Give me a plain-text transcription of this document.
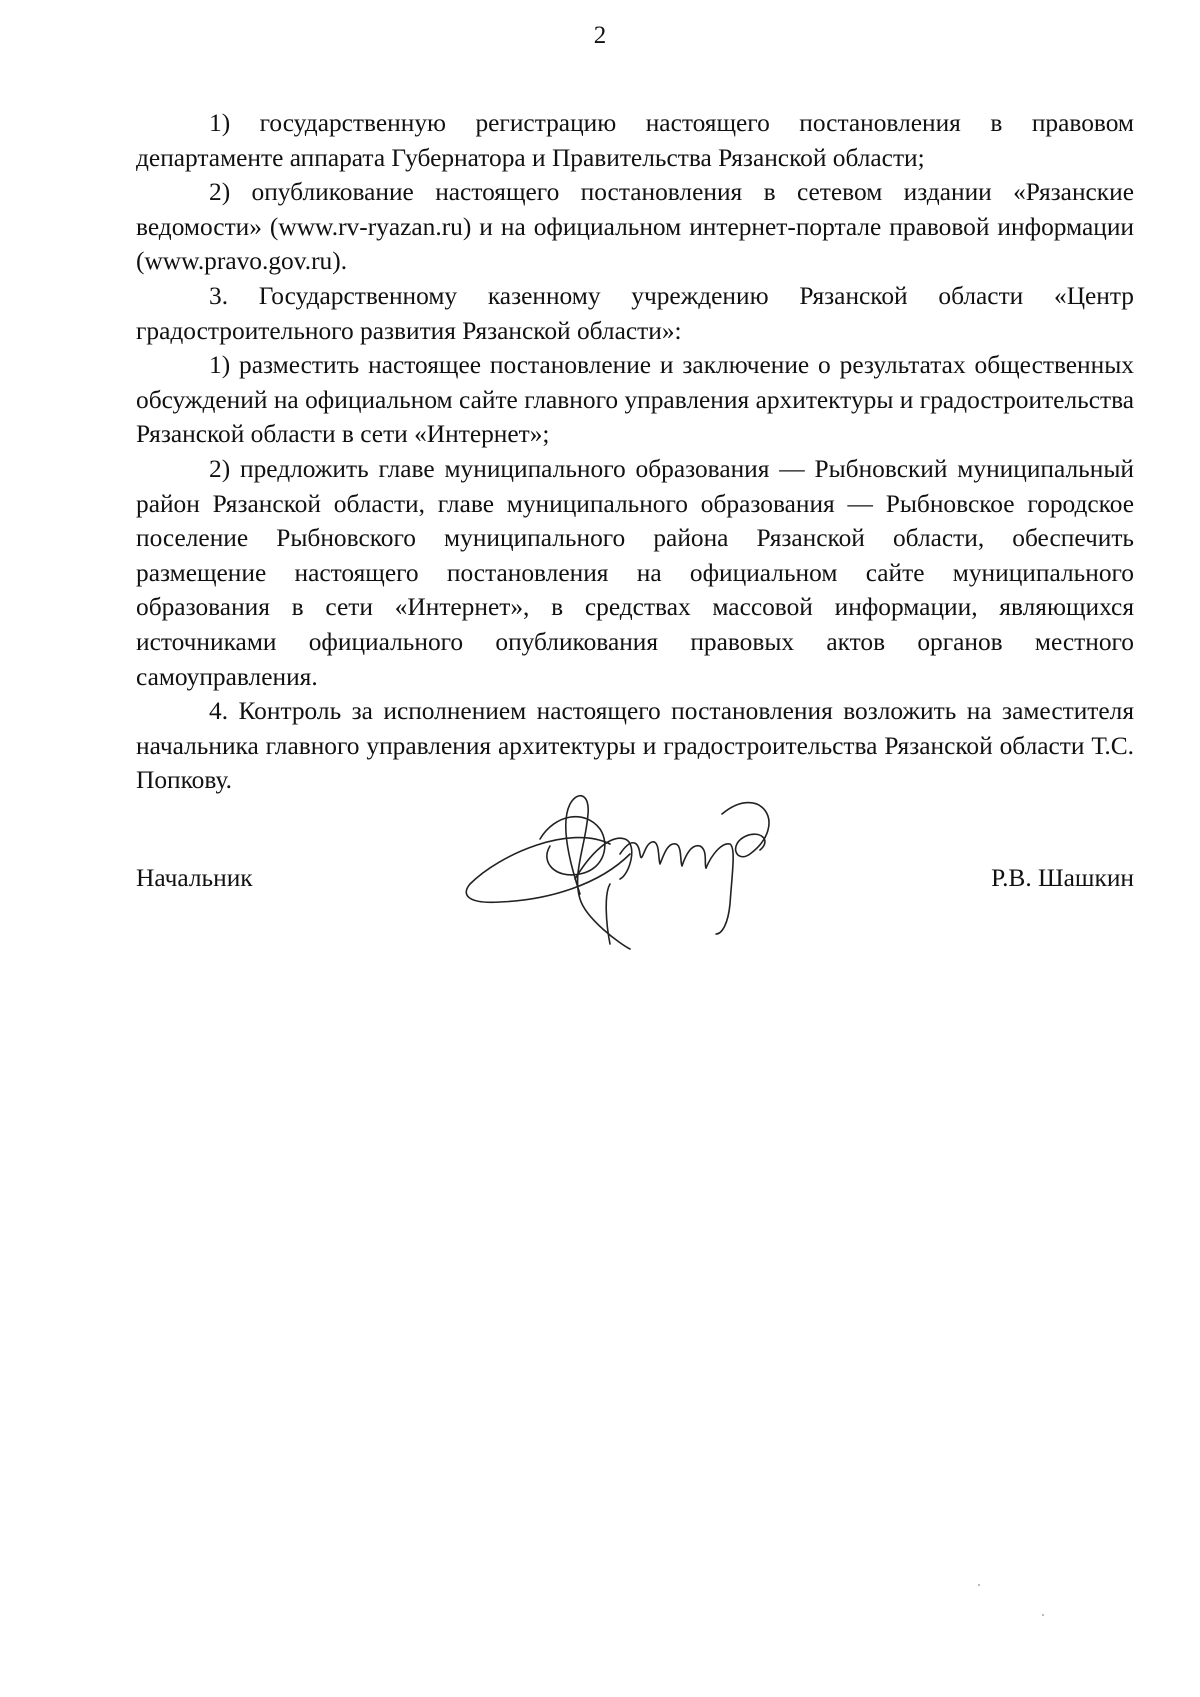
2

1) государственную регистрацию настоящего постановления в правовом департаменте аппарата Губернатора и Правительства Рязанской области;

2) опубликование настоящего постановления в сетевом издании «Рязанские ведомости» (www.rv-ryazan.ru) и на официальном интернет-портале правовой информации (www.pravo.gov.ru).

3. Государственному казенному учреждению Рязанской области «Центр градостроительного развития Рязанской области»:

1) разместить настоящее постановление и заключение о результатах общественных обсуждений на официальном сайте главного управления архитектуры и градостроительства Рязанской области в сети «Интернет»;

2) предложить главе муниципального образования — Рыбновский муниципальный район Рязанской области, главе муниципального образования — Рыбновское городское поселение Рыбновского муниципального района Рязанской области, обеспечить размещение настоящего постановления на официальном сайте муниципального образования в сети «Интернет», в средствах массовой информации, являющихся источниками официального опубликования правовых актов органов местного самоуправления.

4. Контроль за исполнением настоящего постановления возложить на заместителя начальника главного управления архитектуры и градостроительства Рязанской области Т.С. Попкову.

Начальник	Р.В. Шашкин
